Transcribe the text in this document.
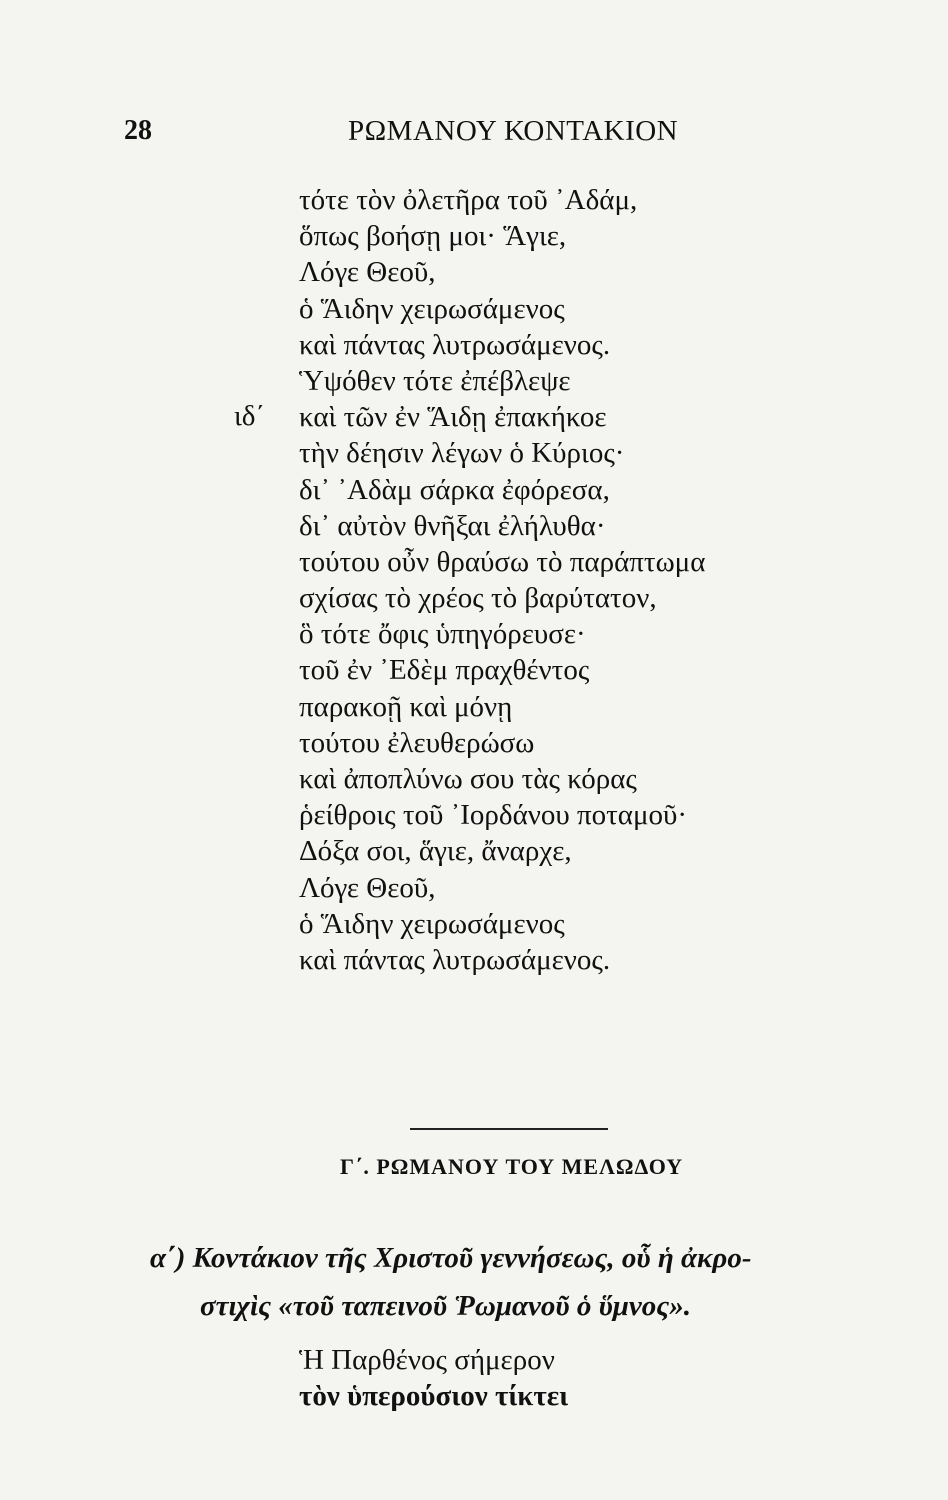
28	ΡΩΜΑΝΟΥ ΚΟΝΤΑΚΙΟΝ
ιδ΄
τότε τὸν ὀλετῆρα τοῦ ᾿Αδάμ,
ὅπως βοήσῃ μοι· Ἅγιε,
Λόγε Θεοῦ,
ὁ Ἅιδην χειρωσάμενος
καὶ πάντας λυτρωσάμενος.
Ὑψόθεν τότε ἐπέβλεψε
καὶ τῶν ἐν Ἅιδῃ ἐπακήκοε
τὴν δέησιν λέγων ὁ Κύριος·
δι᾿ ᾿Αδὰμ σάρκα ἐφόρεσα,
δι᾿ αὐτὸν θνῆξαι ἐλήλυθα·
τούτου οὖν θραύσω τὸ παράπτωμα
σχίσας τὸ χρέος τὸ βαρύτατον,
ὃ τότε ὄφις ὑπηγόρευσε·
τοῦ ἐν ᾿Εδὲμ πραχθέντος
παρακοῇ καὶ μόνῃ
τούτου ἐλευθερώσω
καὶ ἀποπλύνω σου τὰς κόρας
ῥείθροις τοῦ ᾿Ιορδάνου ποταμοῦ·
Δόξα σοι, ἅγιε, ἄναρχε,
Λόγε Θεοῦ,
ὁ Ἅιδην χειρωσάμενος
καὶ πάντας λυτρωσάμενος.
Γ΄. ΡΩΜΑΝΟΥ ΤΟΥ ΜΕΛΩΔΟΥ
α΄) Κοντάκιον τῆς Χριστοῦ γεννήσεως, οὗ ἡ ἀκρο-
στιχὶς «τοῦ ταπεινοῦ Ῥωμανοῦ ὁ ὕμνος».
Ἡ Παρθένος σήμερον
τὸν ὑπερούσιον τίκτει
